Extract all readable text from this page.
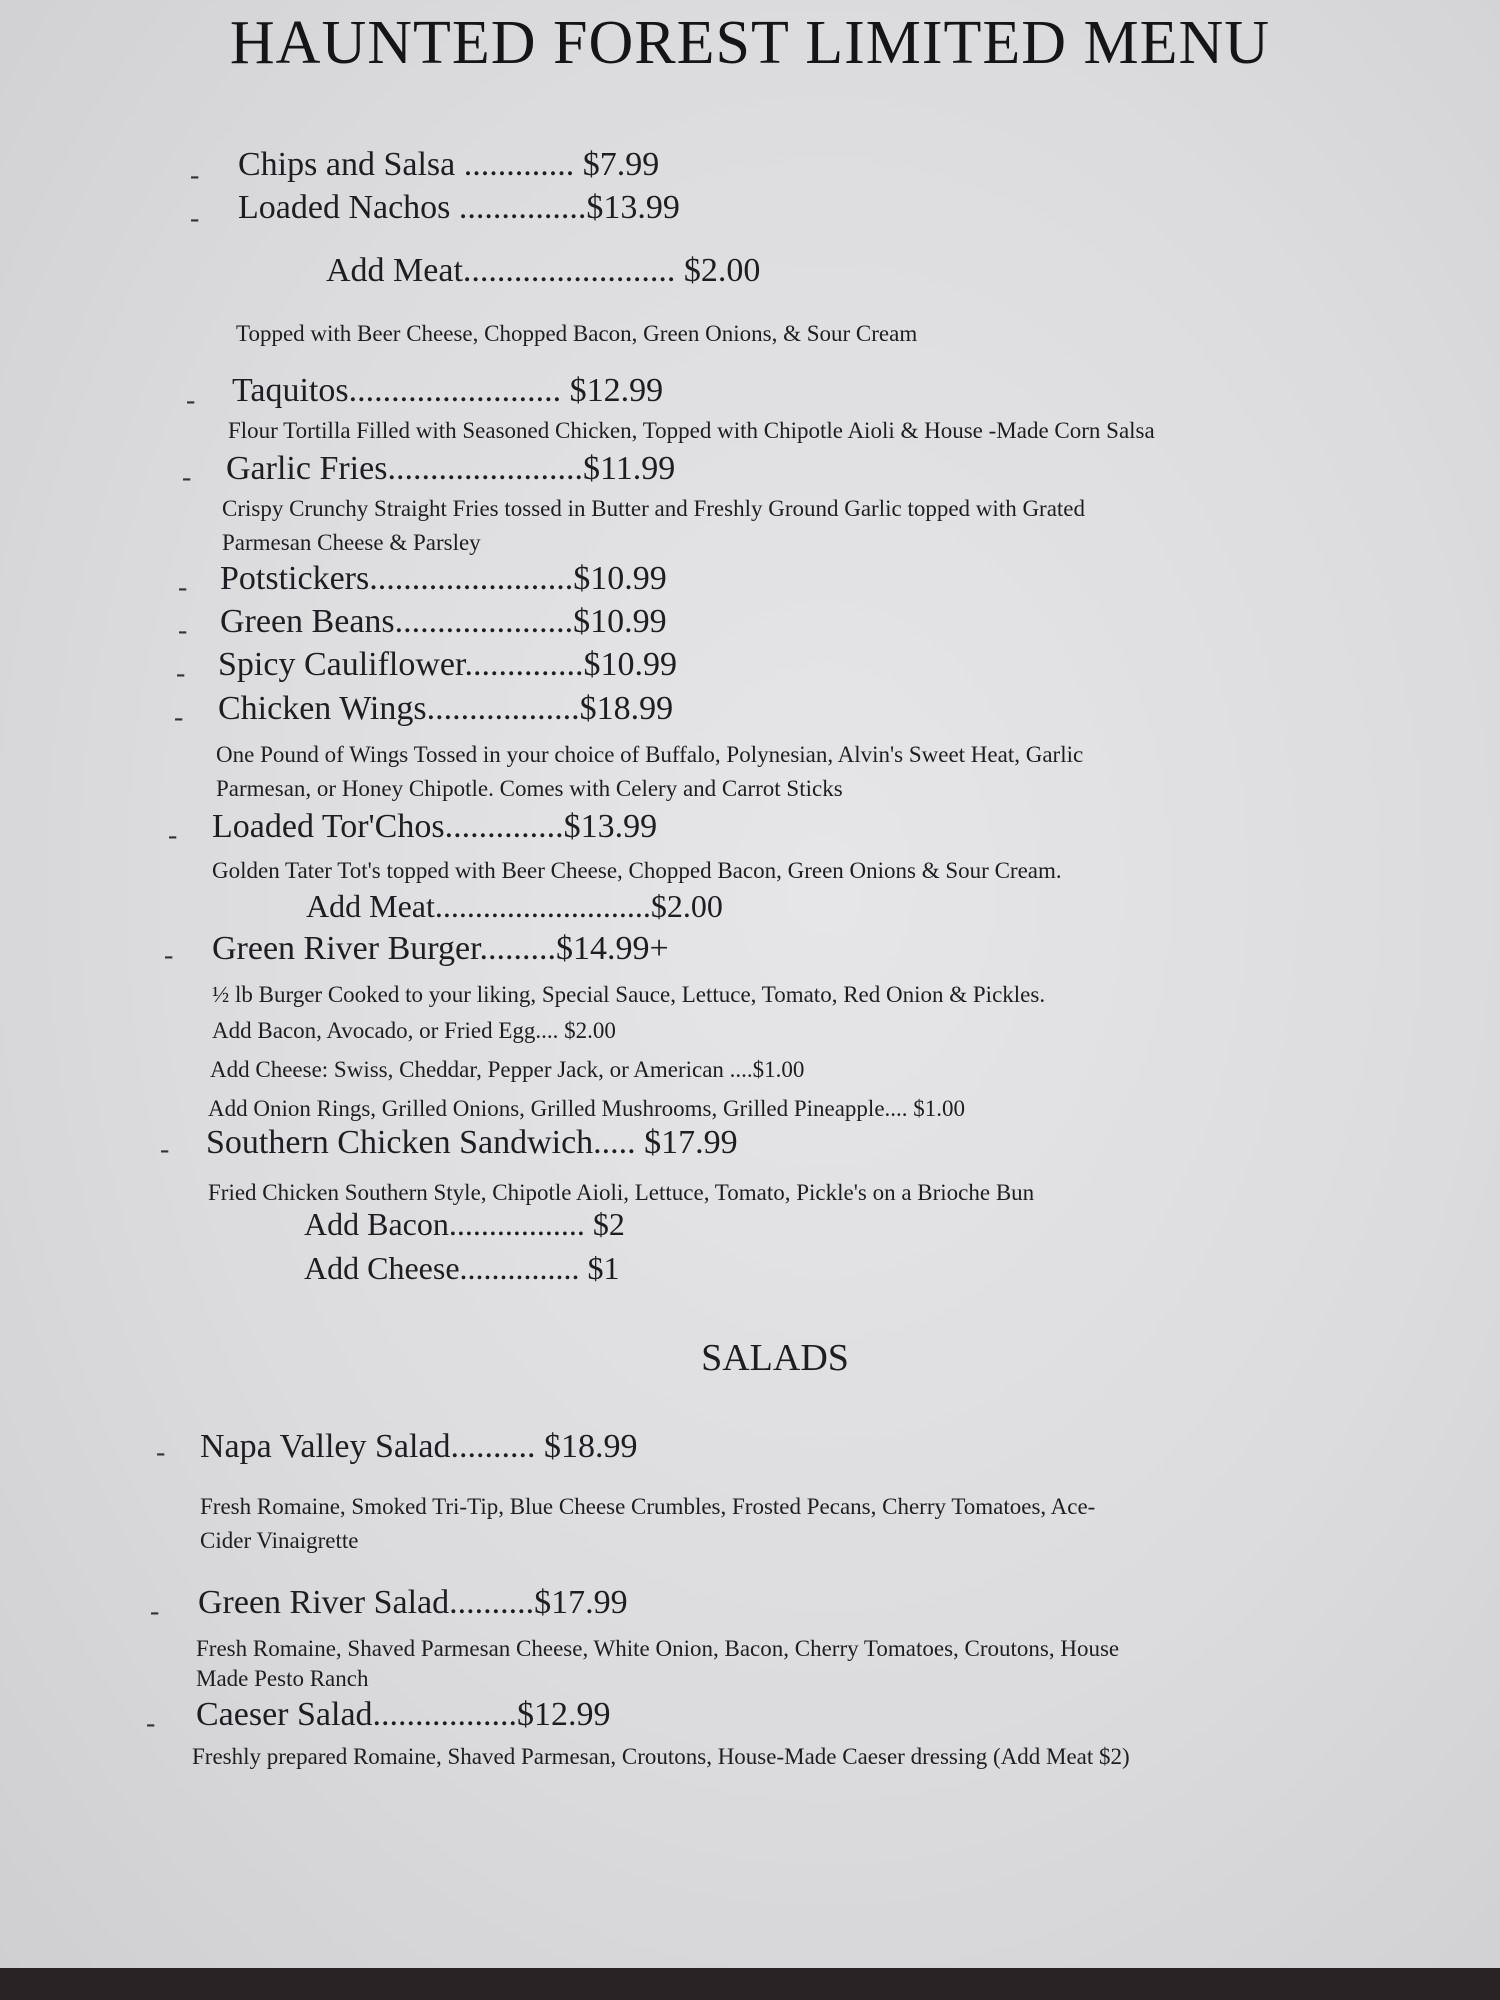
HAUNTED FOREST LIMITED MENU
-
-
-
-
-
-
-
-
-
-
-
-
-
-
Chips and Salsa ............. $7.99
Loaded Nachos ...............$13.99
Add Meat......................... $2.00
Topped with Beer Cheese, Chopped Bacon, Green Onions, & Sour Cream
Taquitos......................... $12.99
Flour Tortilla Filled with Seasoned Chicken, Topped with Chipotle Aioli & House -Made Corn Salsa
Garlic Fries.......................$11.99
Crispy Crunchy Straight Fries tossed in Butter and Freshly Ground Garlic topped with Grated
Parmesan Cheese & Parsley
Potstickers........................$10.99
Green Beans.....................$10.99
Spicy Cauliflower..............$10.99
Chicken Wings..................$18.99
One Pound of Wings Tossed in your choice of Buffalo, Polynesian, Alvin's Sweet Heat, Garlic
Parmesan, or Honey Chipotle. Comes with Celery and Carrot Sticks
Loaded Tor'Chos..............$13.99
Golden Tater Tot's topped with Beer Cheese, Chopped Bacon, Green Onions & Sour Cream.
Add Meat...........................$2.00
Green River Burger.........$14.99+
½ lb Burger Cooked to your liking, Special Sauce, Lettuce, Tomato, Red Onion & Pickles.
Add Bacon, Avocado, or Fried Egg.... $2.00
Add Cheese: Swiss, Cheddar, Pepper Jack, or American ....$1.00
Add Onion Rings, Grilled Onions, Grilled Mushrooms, Grilled Pineapple.... $1.00
Southern Chicken Sandwich..... $17.99
Fried Chicken Southern Style, Chipotle Aioli, Lettuce, Tomato, Pickle's on a Brioche Bun
Add Bacon................. $2
Add Cheese............... $1
SALADS
Napa Valley Salad.......... $18.99
Fresh Romaine, Smoked Tri-Tip, Blue Cheese Crumbles, Frosted Pecans, Cherry Tomatoes, Ace-
Cider Vinaigrette
Green River Salad..........$17.99
Fresh Romaine, Shaved Parmesan Cheese, White Onion, Bacon, Cherry Tomatoes, Croutons, House
Made Pesto Ranch
Caeser Salad.................$12.99
Freshly prepared Romaine, Shaved Parmesan, Croutons, House-Made Caeser dressing (Add Meat $2)
